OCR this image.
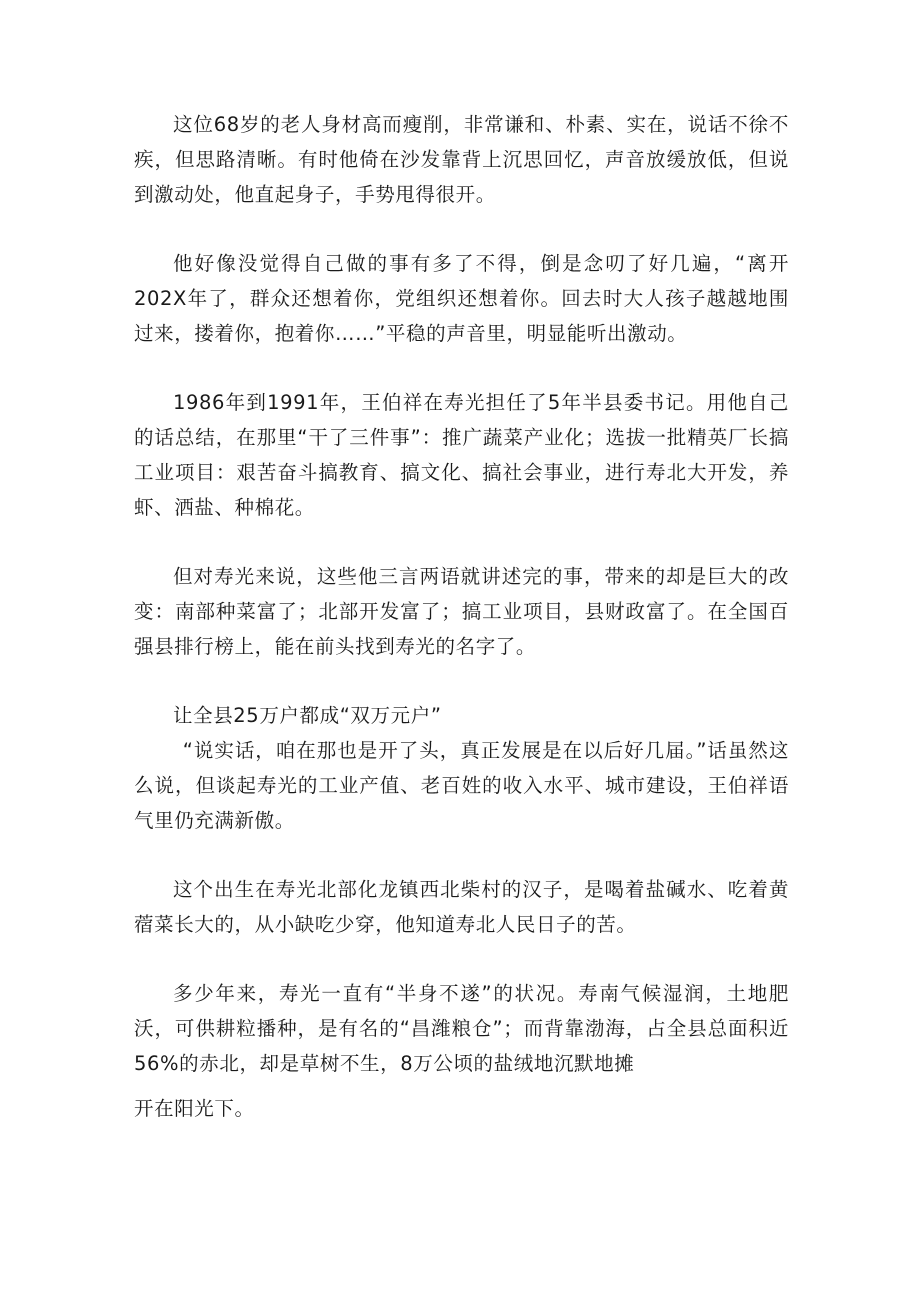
这位68岁的老人身材高而瘦削，非常谦和、朴素、实在，说话不徐不疾，但思路清晰。有时他倚在沙发靠背上沉思回忆，声音放缓放低，但说到激动处，他直起身子，手势甩得很开。

他好像没觉得自己做的事有多了不得，倒是念叨了好几遍，“离开202X年了，群众还想着你，党组织还想着你。回去时大人孩子越越地围过来，搂着你，抱着你……”平稳的声音里，明显能听出激动。

1986年到1991年，王伯祥在寿光担任了5年半县委书记。用他自己的话总结，在那里“干了三件事”：推广蔬菜产业化；选拔一批精英厂长搞工业项目：艰苦奋斗搞教育、搞文化、搞社会事业，进行寿北大开发，养虾、洒盐、种棉花。

但对寿光来说，这些他三言两语就讲述完的事，带来的却是巨大的改变：南部种菜富了；北部开发富了；搞工业项目，县财政富了。在全国百强县排行榜上，能在前头找到寿光的名字了。

让全县25万户都成“双万元户”

“说实话，咱在那也是开了头，真正发展是在以后好几届。”话虽然这么说，但谈起寿光的工业产值、老百姓的收入水平、城市建设，王伯祥语气里仍充满新傲。

这个出生在寿光北部化龙镇西北柴村的汉子，是喝着盐碱水、吃着黄蓿菜长大的，从小缺吃少穿，他知道寿北人民日子的苦。

多少年来，寿光一直有“半身不遂”的状况。寿南气候湿润，土地肥沃，可供耕粒播种，是有名的“昌潍粮仓”；而背靠渤海，占全县总面积近56%的赤北，却是草树不生，8万公顷的盐绒地沉默地摊

开在阳光下。
